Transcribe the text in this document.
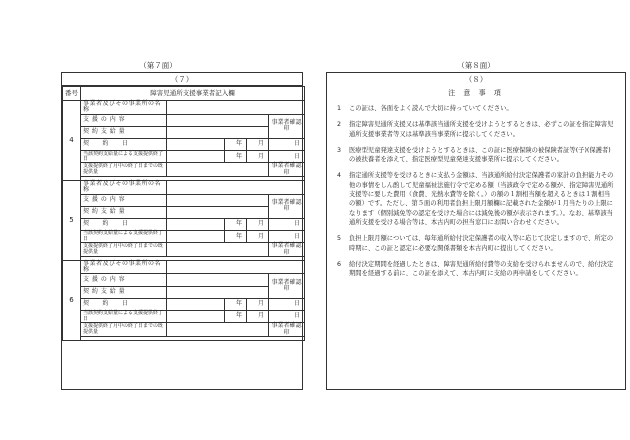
（第７面）
（７）
番号	障害児通所支援事業者記入欄				
4	事業者及びその事業所の名称				
	支 援 の 内 容				事業者確認印
	契 約 支 給 量				
	契　　約　　日		年	月	日
	当該契約支給量による支援提供終了日		年	月	日
	支援提供終了月中の終了日までの既提供量				事業者確認印

5	事業者及びその事業所の名称				
	支 援 の 内 容				事業者確認印
	契 約 支 給 量				
	契　　約　　日		年	月	日
	当該契約支給量による支援提供終了日		年	月	日
	支援提供終了月中の終了日までの既提供量				事業者確認印

6	事業者及びその事業所の名称				
	支 援 の 内 容				事業者確認印
	契 約 支 給 量				
	契　　約　　日		年	月	日
	当該契約支給量による支援提供終了日		年	月	日
	支援提供終了月中の終了日までの既提供量				事業者確認印

（第８面）
（８）
注 意 事 項
1	この証は、各面をよく読んで大切に持っていてください。
2	指定障害児通所支援又は基準該当通所支援を受けようとするときは、必ずこの証を指定障害児通所支援事業者等又は基準該当事業所に提示してください。
3	医療型児童発達支援を受けようとするときは、この証に医療保険の被保険者証等(子)(保護者)の被扶養者を添えて、指定医療型児童発達支援事業所に提示してください。
4	指定通所支援等を受けるときに支払う金額は、当該通所給付決定保護者の家計の負担能力その他の事情をしん酌して児童福祉法施行令で定める額（当該政令で定める額が、指定障害児通所支援等に要した費用（食費、光熱水費等を除く。）の額の１割相当額を超えるときは１割相当の額）です。ただし、第５面の利用者負担上限月額欄に記載された金額が１月当たりの上限になります（個別減免等の認定を受けた場合には減免後の額が表示されます。）。なお、基準該当通所支援を受ける場合等は、本古内町の担当窓口にお問い合わせください。
5	負担上限月額については、毎年通所給付決定保護者の収入等に応じて決定しますので、所定の時期に、この証と認定に必要な関係書類を本古内町に提出してください。
6	給付決定期間を経過したときは、障害児通所給付費等の支給を受けられませんので、給付決定期間を経過する前に、この証を添えて、本古内町に支給の再申請をしてください。
